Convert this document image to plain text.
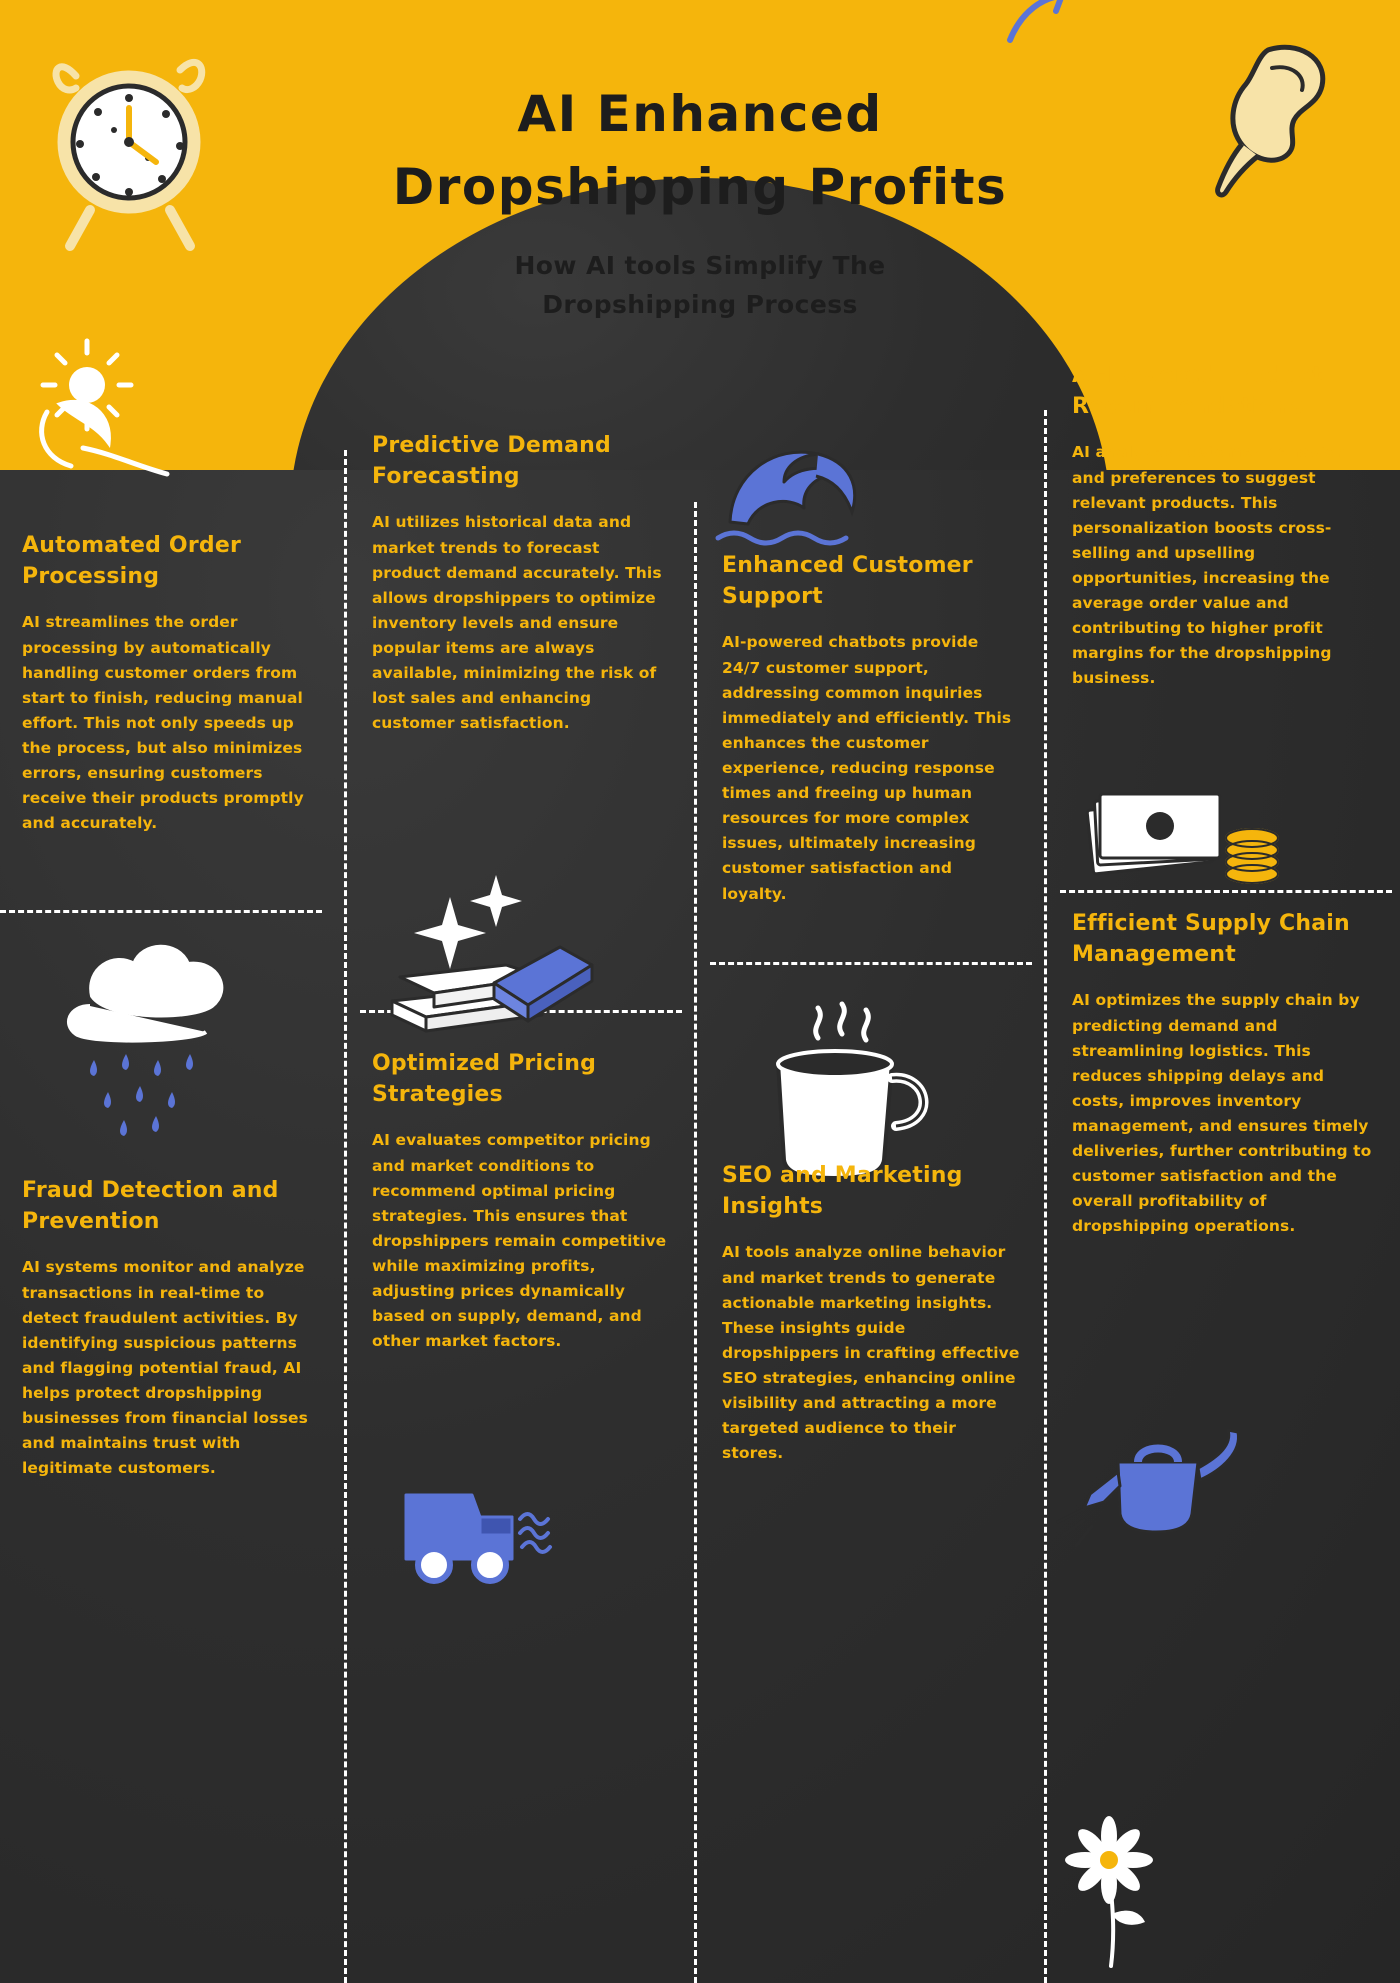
AI Enhanced
Dropshipping Profits
How AI tools Simplify The
Dropshipping Process
Automated Order Processing
AI streamlines the order processing by automatically handling customer orders from start to finish, reducing manual effort. This not only speeds up the process, but also minimizes errors, ensuring customers receive their products promptly and accurately.
Fraud Detection and Prevention
AI systems monitor and analyze transactions in real-time to detect fraudulent activities. By identifying suspicious patterns and flagging potential fraud, AI helps protect dropshipping businesses from financial losses and maintains trust with legitimate customers.
Predictive Demand Forecasting
AI utilizes historical data and market trends to forecast product demand accurately. This allows dropshippers to optimize inventory levels and ensure popular items are always available, minimizing the risk of lost sales and enhancing customer satisfaction.
Optimized Pricing Strategies
AI evaluates competitor pricing and market conditions to recommend optimal pricing strategies. This ensures that dropshippers remain competitive while maximizing profits, adjusting prices dynamically based on supply, demand, and other market factors.
Enhanced Customer Support
AI-powered chatbots provide 24/7 customer support, addressing common inquiries immediately and efficiently. This enhances the customer experience, reducing response times and freeing up human resources for more complex issues, ultimately increasing customer satisfaction and loyalty.
SEO and Marketing Insights
AI tools analyze online behavior and market trends to generate actionable marketing insights. These insights guide dropshippers in crafting effective SEO strategies, enhancing online visibility and attracting a more targeted audience to their stores.
AI-Powered Product Recommendations
AI analyzes customer behavior and preferences to suggest relevant products. This personalization boosts cross-selling and upselling opportunities, increasing the average order value and contributing to higher profit margins for the dropshipping business.
Efficient Supply Chain Management
AI optimizes the supply chain by predicting demand and streamlining logistics. This reduces shipping delays and costs, improves inventory management, and ensures timely deliveries, further contributing to customer satisfaction and the overall profitability of dropshipping operations.
